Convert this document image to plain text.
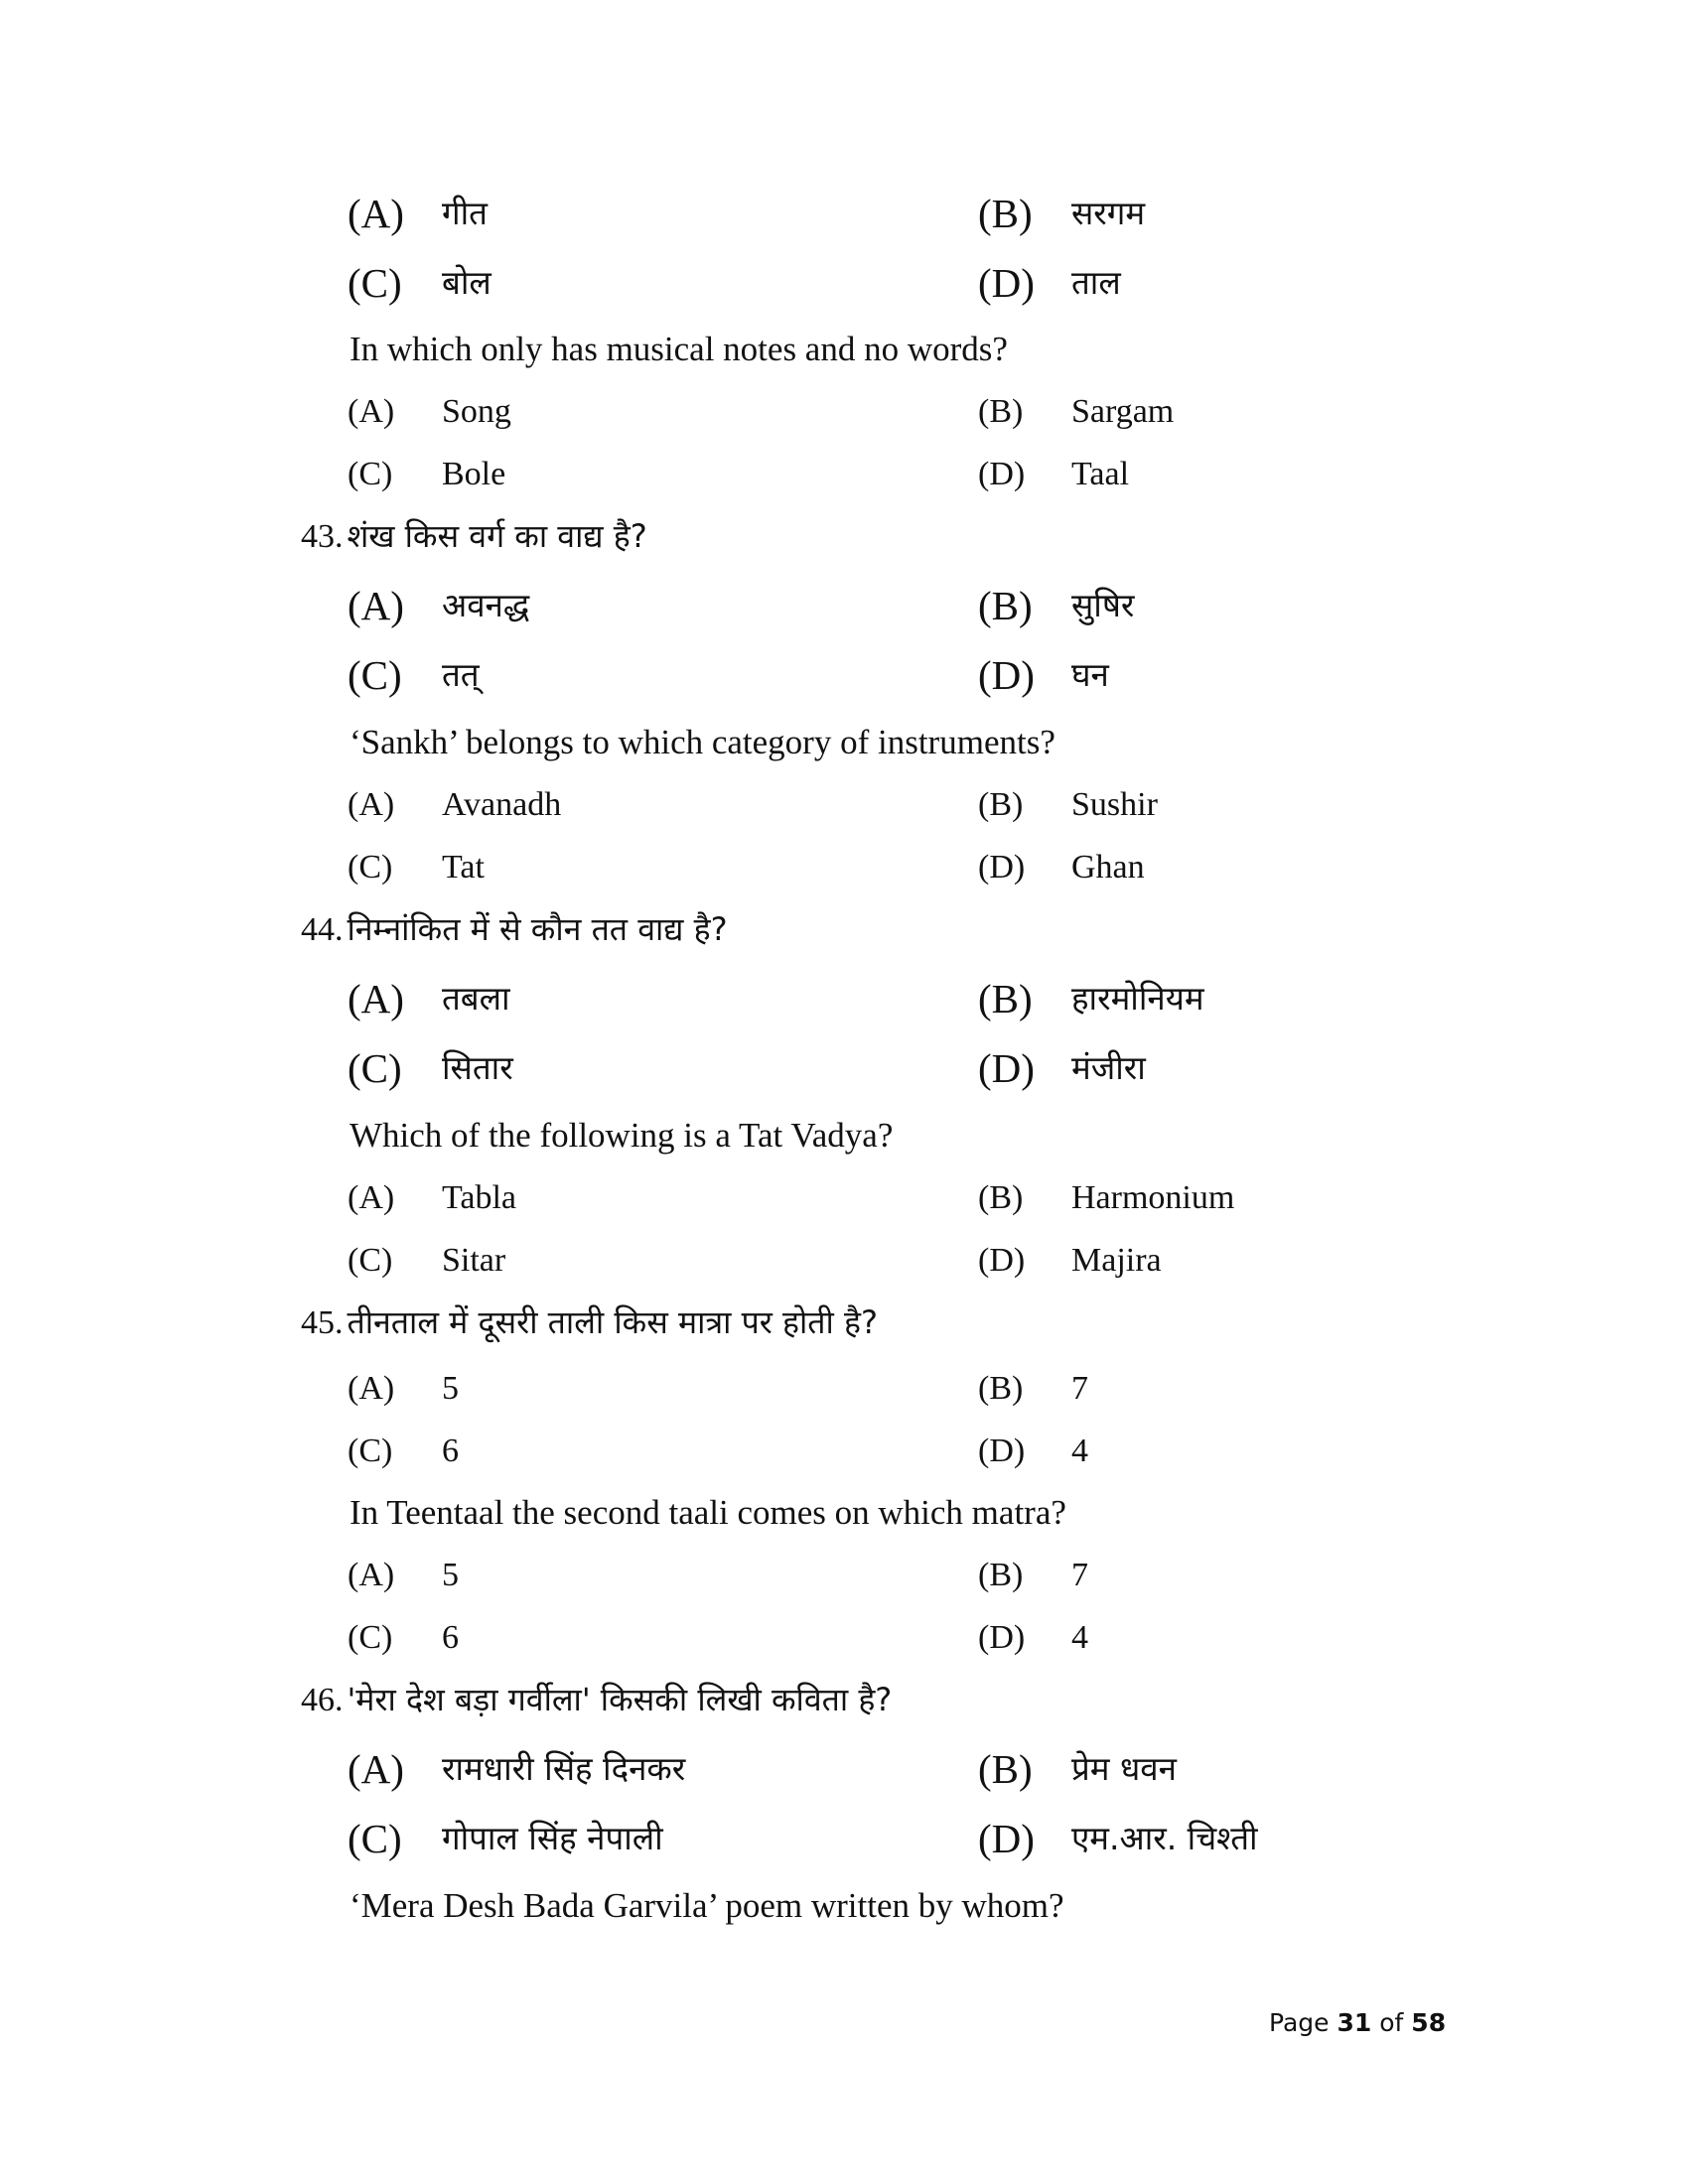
(A) गीत	(B) सरगम
(C) बोल	(D) ताल
In which only has musical notes and no words?
(A) Song	(B) Sargam
(C) Bole	(D) Taal
43. शंख किस वर्ग का वाद्य है?
(A) अवनद्ध	(B) सुषिर
(C) तत्	(D) घन
‘Sankh’ belongs to which category of instruments?
(A) Avanadh	(B) Sushir
(C) Tat	(D) Ghan
44. निम्नांकित में से कौन तत वाद्य है?
(A) तबला	(B) हारमोनियम
(C) सितार	(D) मंजीरा
Which of the following is a Tat Vadya?
(A) Tabla	(B) Harmonium
(C) Sitar	(D) Majira
45. तीनताल में दूसरी ताली किस मात्रा पर होती है?
(A) 5	(B) 7
(C) 6	(D) 4
In Teentaal the second taali comes on which matra?
(A) 5	(B) 7
(C) 6	(D) 4
46. 'मेरा देश बड़ा गर्वीला' किसकी लिखी कविता है?
(A) रामधारी सिंह दिनकर	(B) प्रेम धवन
(C) गोपाल सिंह नेपाली	(D) एम.आर. चिश्ती
‘Mera Desh Bada Garvila’ poem written by whom?
Page 31 of 58
